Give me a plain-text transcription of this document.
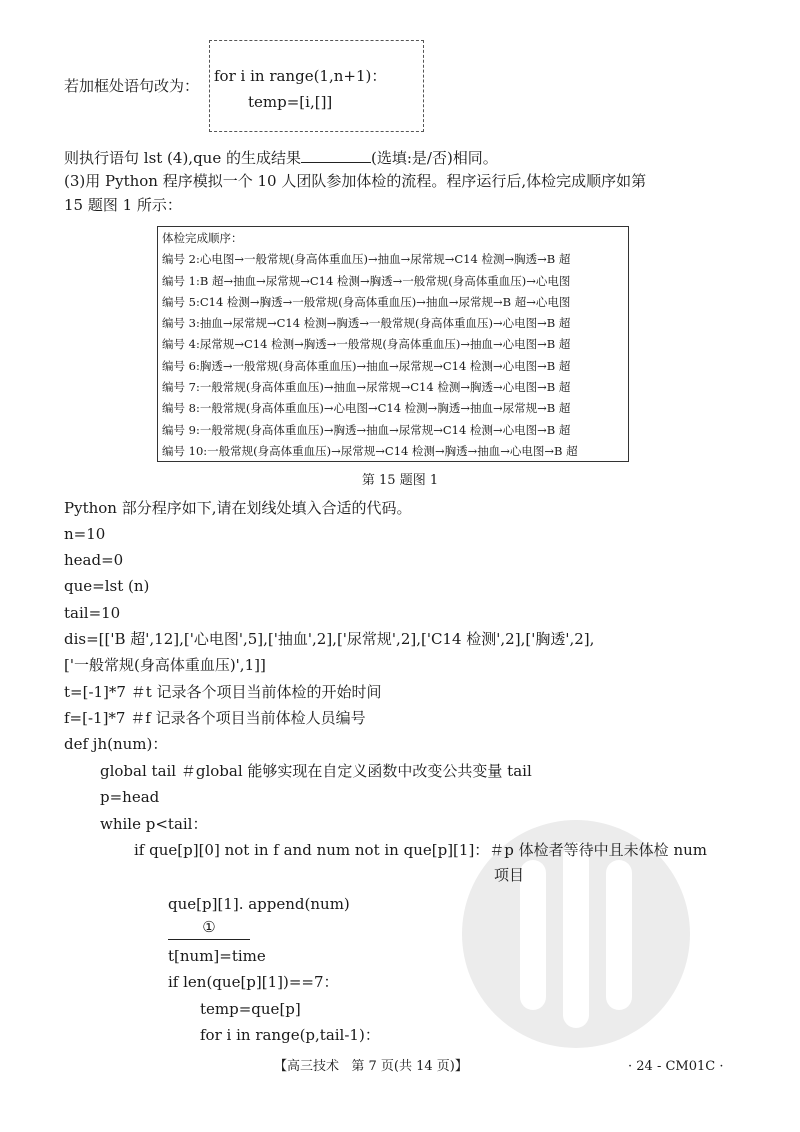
若加框处语句改为：
for i in range(1,n+1)：
temp=[i,[]]
则执行语句 lst (4),que 的生成结果	(选填:是/否)相同。
(3)用 Python 程序模拟一个 10 人团队参加体检的流程。程序运行后,体检完成顺序如第
15 题图 1 所示：
体检完成顺序：
编号 2:心电图→一般常规(身高体重血压)→抽血→尿常规→C14 检测→胸透→B 超
编号 1:B 超→抽血→尿常规→C14 检测→胸透→一般常规(身高体重血压)→心电图
编号 5:C14 检测→胸透→一般常规(身高体重血压)→抽血→尿常规→B 超→心电图
编号 3:抽血→尿常规→C14 检测→胸透→一般常规(身高体重血压)→心电图→B 超
编号 4:尿常规→C14 检测→胸透→一般常规(身高体重血压)→抽血→心电图→B 超
编号 6:胸透→一般常规(身高体重血压)→抽血→尿常规→C14 检测→心电图→B 超
编号 7:一般常规(身高体重血压)→抽血→尿常规→C14 检测→胸透→心电图→B 超
编号 8:一般常规(身高体重血压)→心电图→C14 检测→胸透→抽血→尿常规→B 超
编号 9:一般常规(身高体重血压)→胸透→抽血→尿常规→C14 检测→心电图→B 超
编号 10:一般常规(身高体重血压)→尿常规→C14 检测→胸透→抽血→心电图→B 超
第 15 题图 1
Python 部分程序如下,请在划线处填入合适的代码。
n=10
head=0
que=lst (n)
tail=10
dis=[['B 超',12],['心电图',5],['抽血',2],['尿常规',2],['C14 检测',2],['胸透',2],
['一般常规(身高体重血压)',1]]
t=[-1]*7 ＃t 记录各个项目当前体检的开始时间
f=[-1]*7 ＃f 记录各个项目当前体检人员编号
def jh(num)：
global tail ＃global 能够实现在自定义函数中改变公共变量 tail
p=head
while p<tail：
if que[p][0] not in f and num not in que[p][1]：＃p 体检者等待中且未体检 num
项目
que[p][1]. append(num)
①
t[num]=time
if len(que[p][1])==7：
temp=que[p]
for i in range(p,tail-1)：
【高三技术   第 7 页(共 14 页)】	· 24 - CM01C ·
